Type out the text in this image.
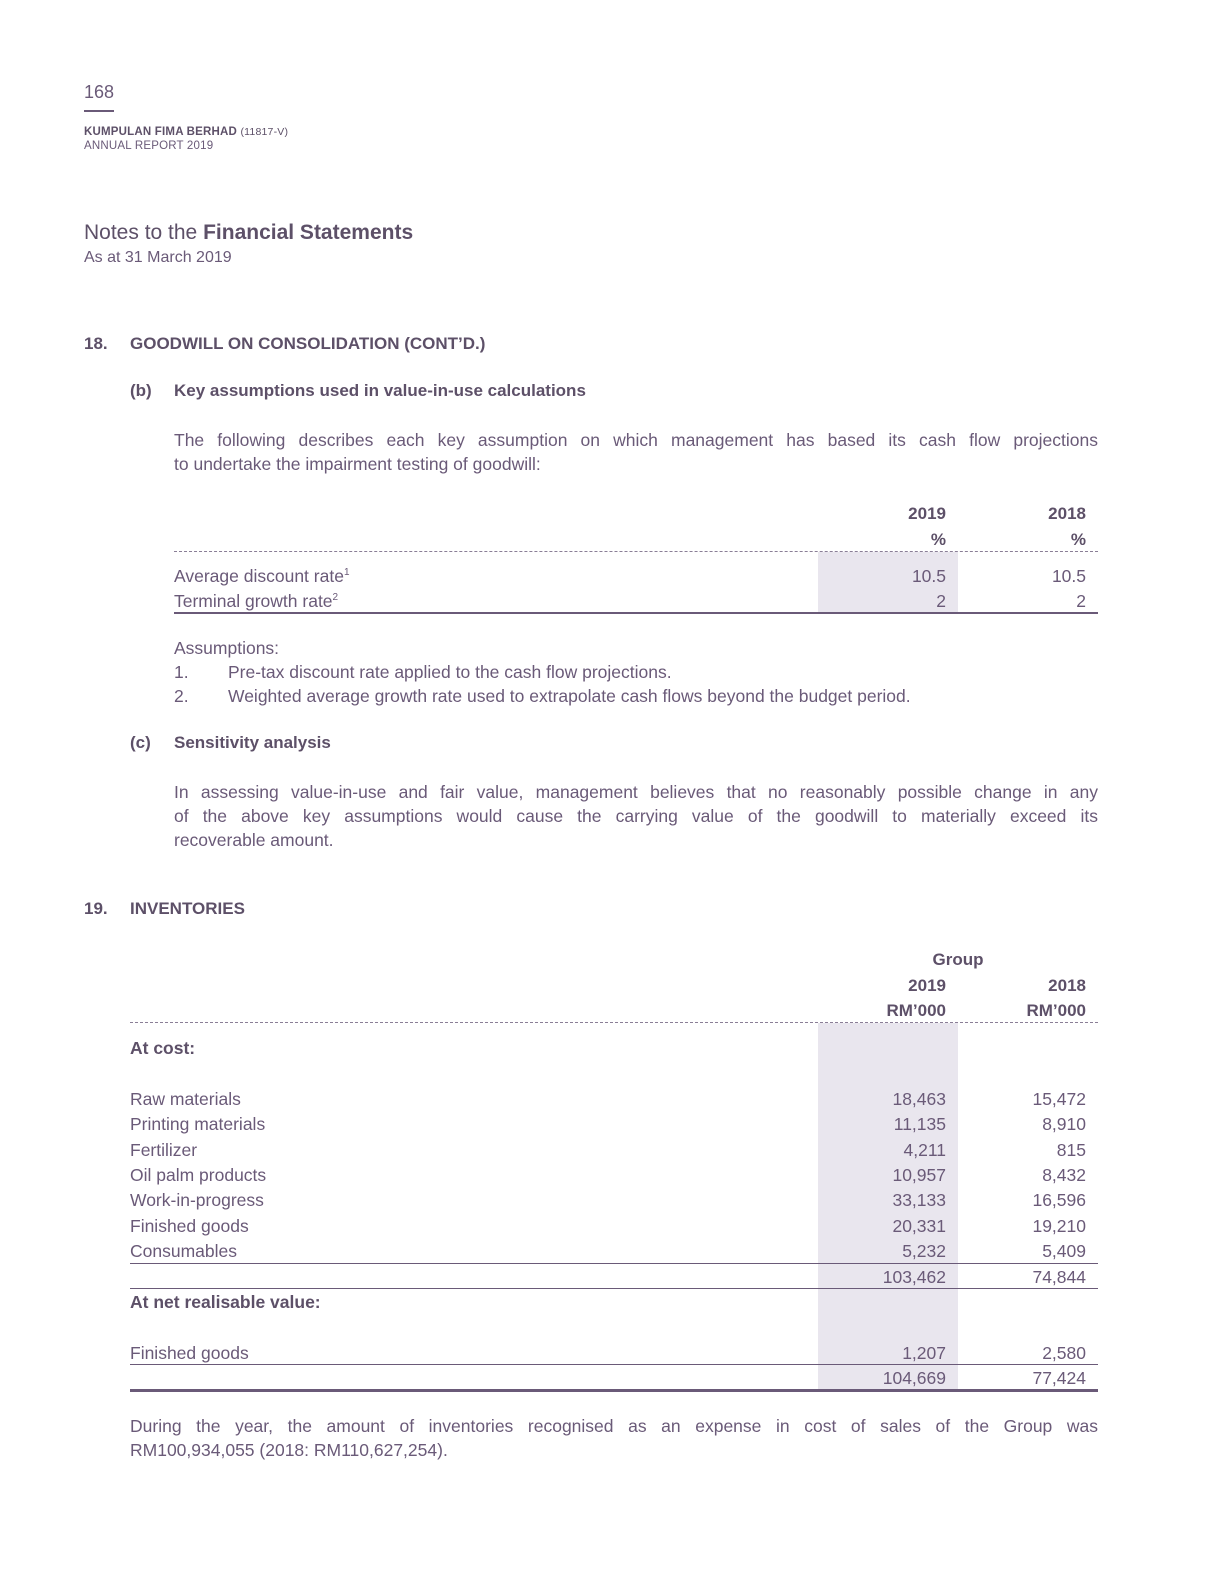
168
KUMPULAN FIMA BERHAD (11817-V)
ANNUAL REPORT 2019
Notes to the Financial Statements
As at 31 March 2019
18. GOODWILL ON CONSOLIDATION (CONT’D.)
(b) Key assumptions used in value-in-use calculations
The following describes each key assumption on which management has based its cash flow projections
to undertake the impairment testing of goodwill:
2019	2018
%	%
Average discount rate$^1$	10.5	10.5
Terminal growth rate$^2$	2	2
Assumptions:
1. Pre-tax discount rate applied to the cash flow projections.
2. Weighted average growth rate used to extrapolate cash flows beyond the budget period.
(c) Sensitivity analysis
In assessing value-in-use and fair value, management believes that no reasonably possible change in any
of the above key assumptions would cause the carrying value of the goodwill to materially exceed its
recoverable amount.
19. INVENTORIES
Group
2019	2018
RM’000	RM’000
At cost:
Raw materials	18,463	15,472
Printing materials	11,135	8,910
Fertilizer	4,211	815
Oil palm products	10,957	8,432
Work-in-progress	33,133	16,596
Finished goods	20,331	19,210
Consumables	5,232	5,409
103,462	74,844
At net realisable value:
Finished goods	1,207	2,580
104,669	77,424
During the year, the amount of inventories recognised as an expense in cost of sales of the Group was
RM100,934,055 (2018: RM110,627,254).
